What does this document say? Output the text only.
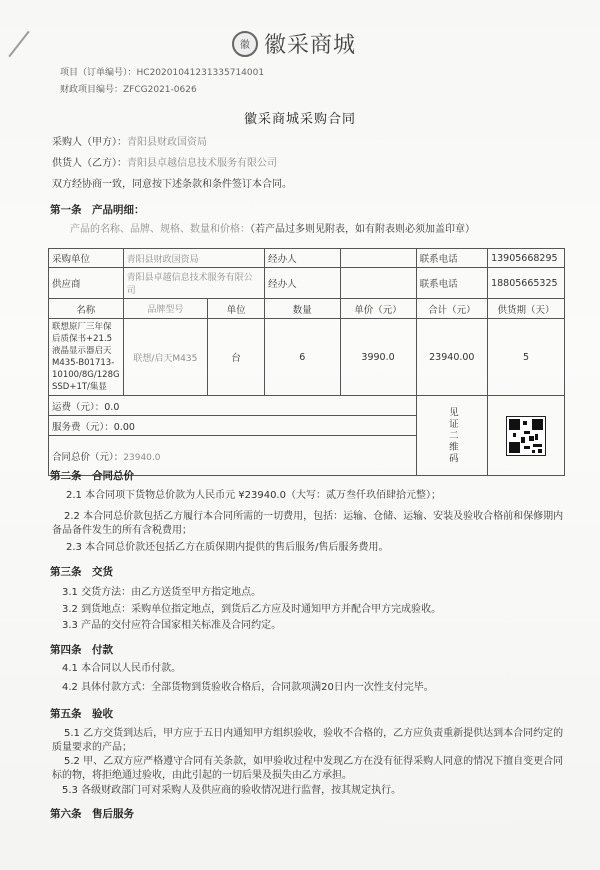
徽 徽采商城
项目（订单编号）：HC20201041231335714001
财政项目编号：ZFCG2021-0626
徽采商城采购合同
采购人（甲方）：青阳县财政国资局
供货人（乙方）：青阳县卓越信息技术服务有限公司
双方经协商一致，同意按下述条款和条件签订本合同。
第一条　产品明细：
产品的名称、品牌、规格、数量和价格：（若产品过多则见附表，如有附表则必须加盖印章）
采购单位	青阳县财政国资局		经办人		联系电话	13905668295
供应商	青阳县卓越信息技术服务有限公司		经办人		联系电话	18805665325
名称	品牌型号	单位	数量	单价（元）	合计（元）	供货期（天）
联想原厂三年保后质保书+21.5液晶显示器启天M435-B01713-10100/8G/128G SSD+1T/集显	联想/启天M435	台	6	3990.0	23940.00	5
运费（元）：0.0					见证二维码	

服务费（元）：0.00						
合同总价（元）：23940.0						
第二条　合同总价
2.1 本合同项下货物总价款为人民币元 ¥23940.0（大写：贰万叁仟玖佰肆拾元整）；
2.2 本合同总价款包括乙方履行本合同所需的一切费用，包括：运输、仓储、运输、安装及验收合格前和保修期内备品备件发生的所有含税费用；
2.3 本合同总价款还包括乙方在质保期内提供的售后服务/售后服务费用。
第三条　交货
3.1 交货方法：由乙方送货至甲方指定地点。
3.2 到货地点：采购单位指定地点，到货后乙方应及时通知甲方并配合甲方完成验收。
3.3 产品的交付应符合国家相关标准及合同约定。
第四条　付款
4.1 本合同以人民币付款。
4.2 具体付款方式：全部货物到货验收合格后，合同款项满20日内一次性支付完毕。
第五条　验收
5.1 乙方交货到达后，甲方应于五日内通知甲方组织验收，验收不合格的，乙方应负责重新提供达到本合同约定的质量要求的产品；
5.2 甲、乙双方应严格遵守合同有关条款，如甲验收过程中发现乙方在没有征得采购人同意的情况下擅自变更合同标的物，将拒绝通过验收，由此引起的一切后果及损失由乙方承担。
5.3 各级财政部门可对采购人及供应商的验收情况进行监督，按其规定执行。
第六条　售后服务
